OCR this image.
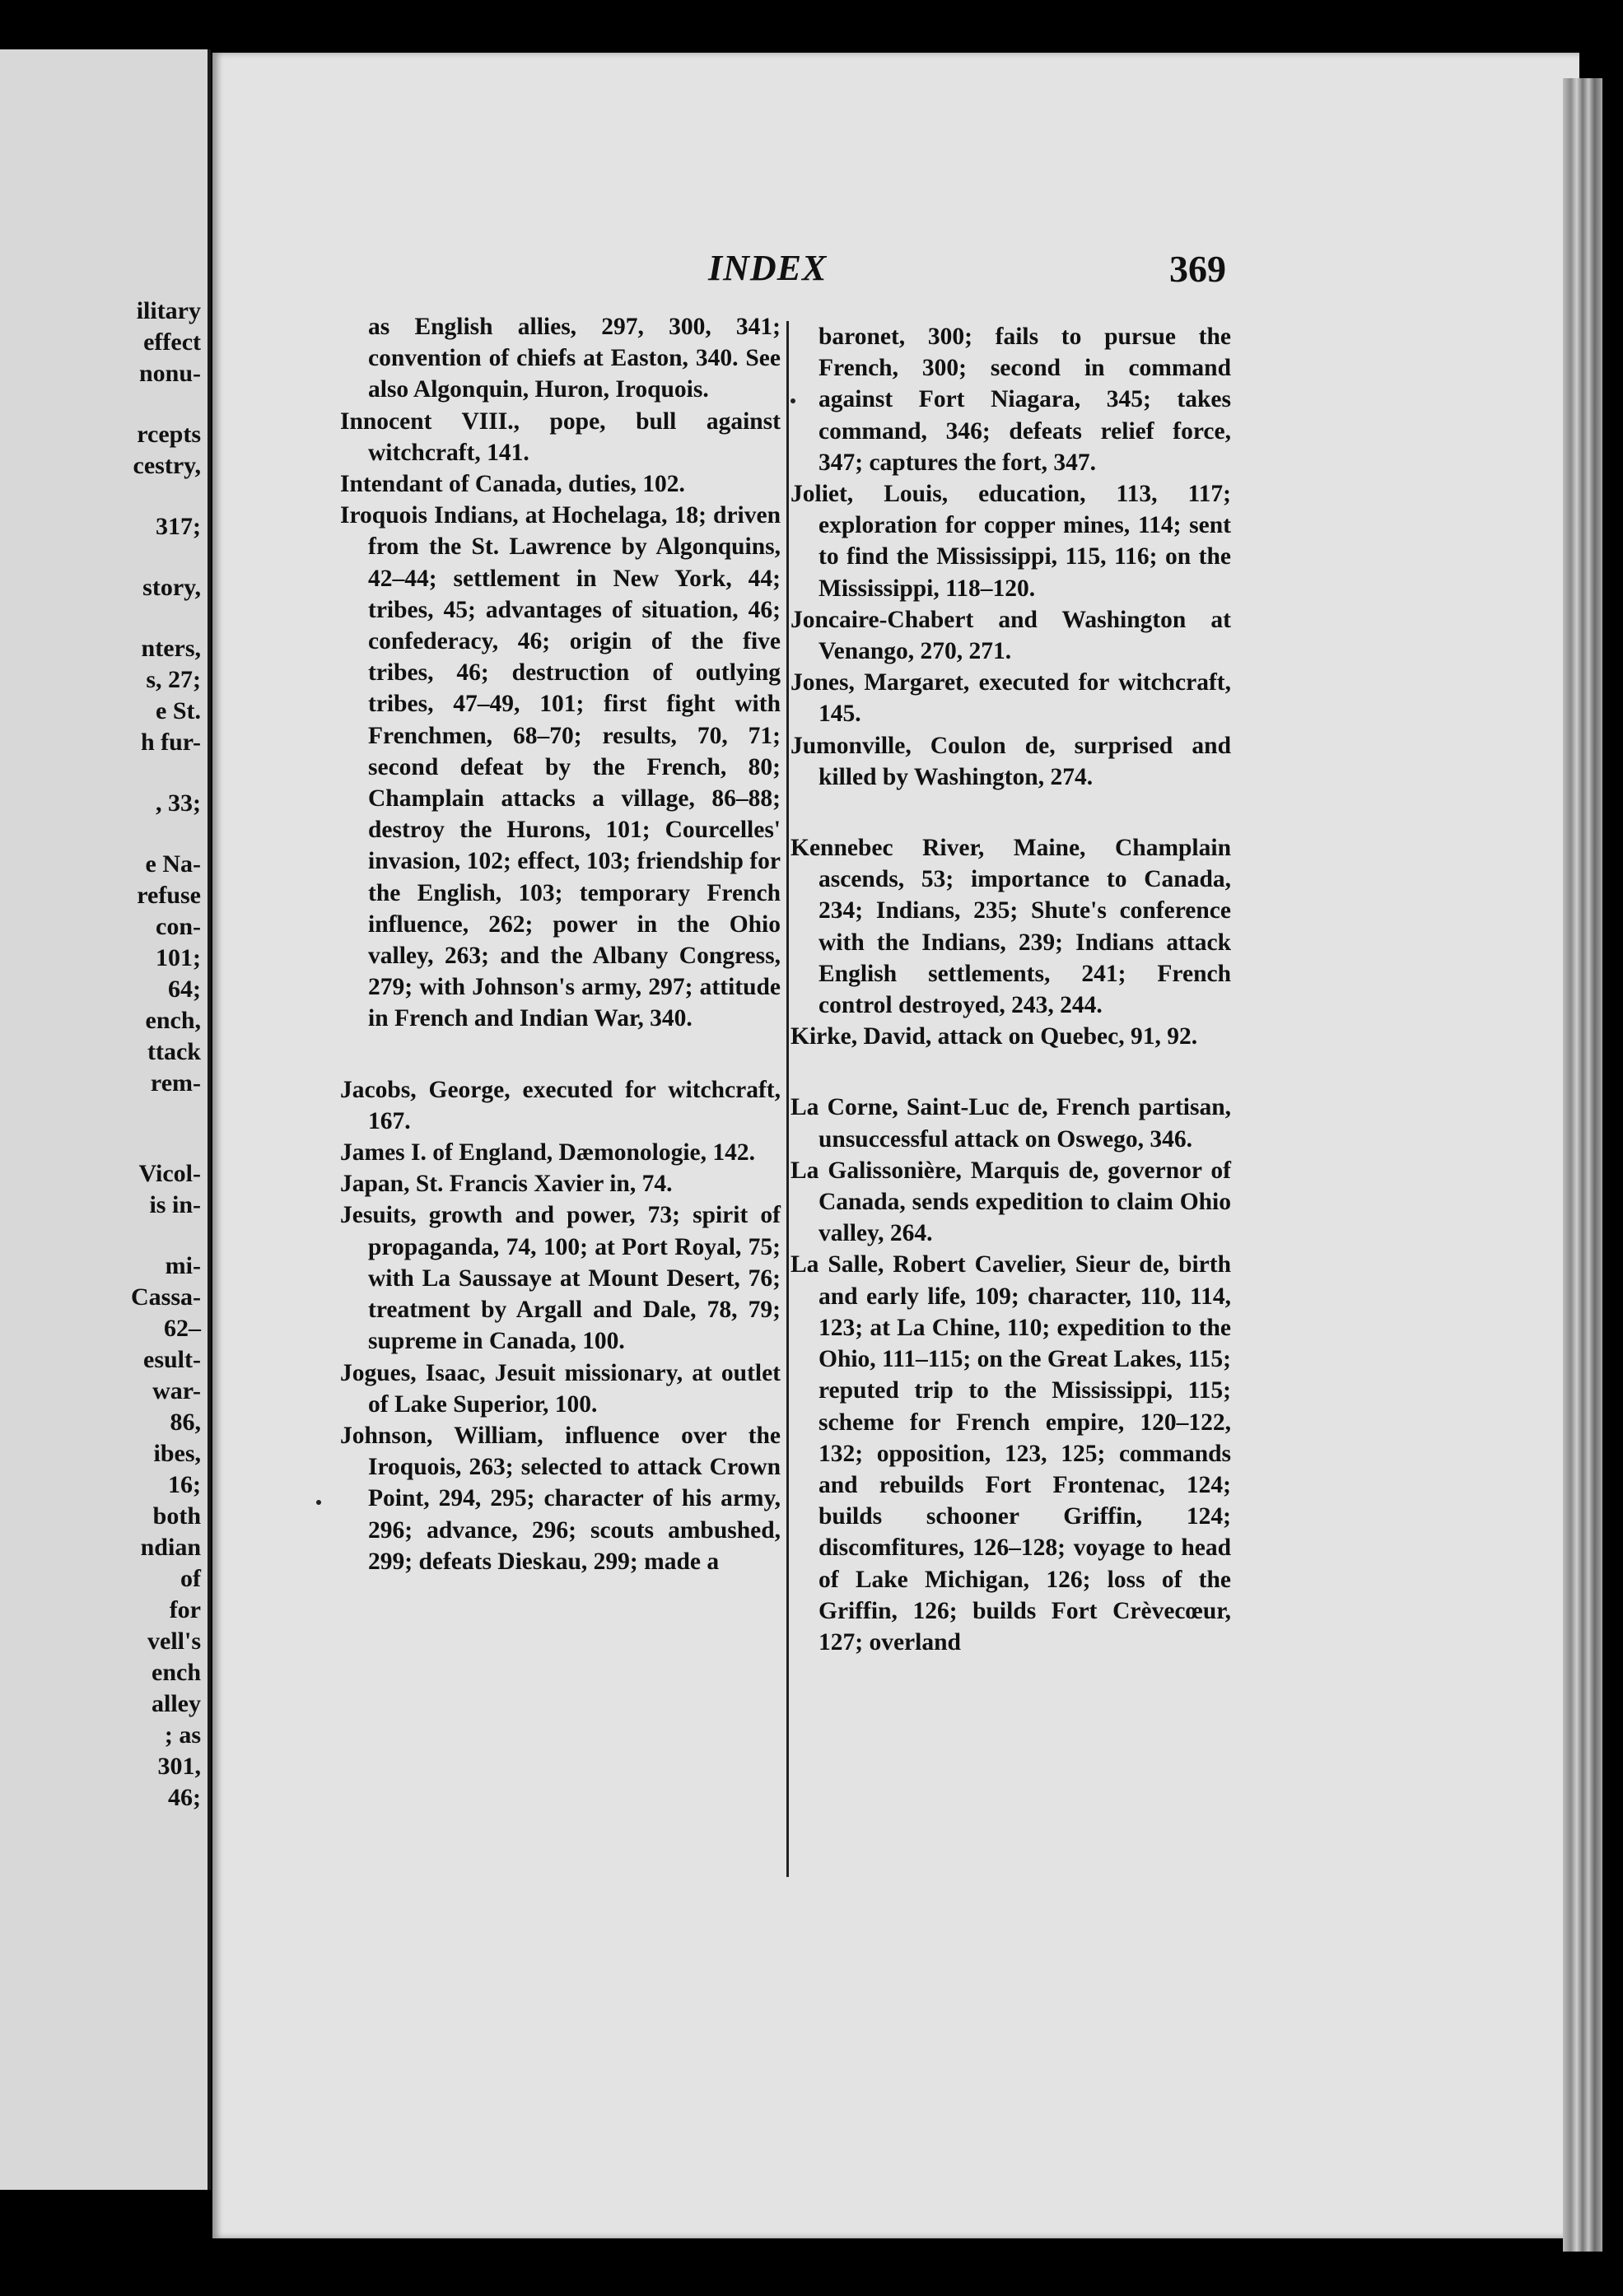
ilitary
effect
nonu-
rcepts
cestry,
317;
story,
nters,
s, 27;
e St.
h fur-
, 33;
e Na-
refuse
con-
101;
64;
ench,
ttack
rem-
Vicol-
is in-
mi-
Cassa-
62–
esult-
war-
86,
ibes,
16;
both
ndian
of
for
vell's
ench
alley
; as
301,
46;
INDEX	369

as English allies, 297, 300, 341; convention of chiefs at Easton, 340. See also Algonquin, Huron, Iroquois.

Innocent VIII., pope, bull against witchcraft, 141.

Intendant of Canada, duties, 102.

Iroquois Indians, at Hochelaga, 18; driven from the St. Lawrence by Algonquins, 42–44; settlement in New York, 44; tribes, 45; advantages of situation, 46; confederacy, 46; origin of the five tribes, 46; destruction of outlying tribes, 47–49, 101; first fight with Frenchmen, 68–70; results, 70, 71; second defeat by the French, 80; Champlain attacks a village, 86–88; destroy the Hurons, 101; Courcelles' invasion, 102; effect, 103; friendship for the English, 103; temporary French influence, 262; power in the Ohio valley, 263; and the Albany Congress, 279; with Johnson's army, 297; attitude in French and Indian War, 340.

Jacobs, George, executed for witchcraft, 167.

James I. of England, Dæmonologie, 142.

Japan, St. Francis Xavier in, 74.

Jesuits, growth and power, 73; spirit of propaganda, 74, 100; at Port Royal, 75; with La Saussaye at Mount Desert, 76; treatment by Argall and Dale, 78, 79; supreme in Canada, 100.

Jogues, Isaac, Jesuit missionary, at outlet of Lake Superior, 100.

Johnson, William, influence over the Iroquois, 263; selected to attack Crown Point, 294, 295; character of his army, 296; advance, 296; scouts ambushed, 299; defeats Dieskau, 299; made a

baronet, 300; fails to pursue the French, 300; second in command against Fort Niagara, 345; takes command, 346; defeats relief force, 347; captures the fort, 347.

Joliet, Louis, education, 113, 117; exploration for copper mines, 114; sent to find the Mississippi, 115, 116; on the Mississippi, 118–120.

Joncaire-Chabert and Washington at Venango, 270, 271.

Jones, Margaret, executed for witchcraft, 145.

Jumonville, Coulon de, surprised and killed by Washington, 274.

Kennebec River, Maine, Champlain ascends, 53; importance to Canada, 234; Indians, 235; Shute's conference with the Indians, 239; Indians attack English settlements, 241; French control destroyed, 243, 244.

Kirke, David, attack on Quebec, 91, 92.

La Corne, Saint-Luc de, French partisan, unsuccessful attack on Oswego, 346.

La Galissonière, Marquis de, governor of Canada, sends expedition to claim Ohio valley, 264.

La Salle, Robert Cavelier, Sieur de, birth and early life, 109; character, 110, 114, 123; at La Chine, 110; expedition to the Ohio, 111–115; on the Great Lakes, 115; reputed trip to the Mississippi, 115; scheme for French empire, 120–122, 132; opposition, 123, 125; commands and rebuilds Fort Frontenac, 124; builds schooner Griffin, 124; discomfitures, 126–128; voyage to head of Lake Michigan, 126; loss of the Griffin, 126; builds Fort Crèvecœur, 127; overland
